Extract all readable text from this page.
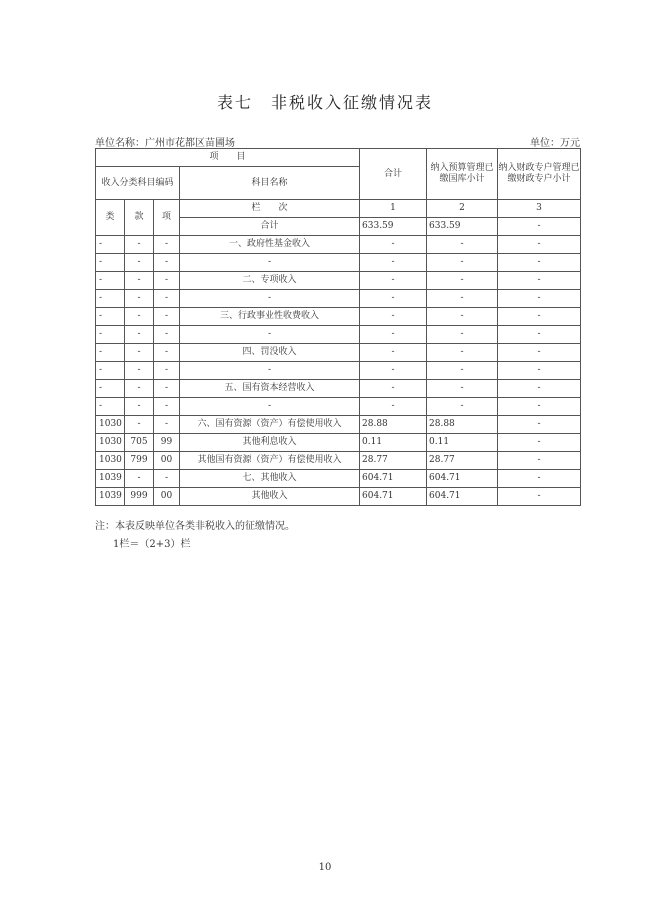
表七　非税收入征缴情况表
单位名称：广州市花都区苗圃场	单位：万元
项　　目				合计	纳入预算管理已缴国库小计	纳入财政专户管理已缴财政专户小计
收入分类科目编码			科目名称			

类	款	项	栏　　次	1	2	3
			合计	633.59	633.59	-
-	-	-	一、政府性基金收入	-	-	-
-	-	-	-	-	-	-
-	-	-	二、专项收入	-	-	-
-	-	-	-	-	-	-
-	-	-	三、行政事业性收费收入	-	-	-
-	-	-	-	-	-	-
-	-	-	四、罚没收入	-	-	-
-	-	-	-	-	-	-
-	-	-	五、国有资本经营收入	-	-	-
-	-	-	-	-	-	-
1030	-	-	六、国有资源（资产）有偿使用收入	28.88	28.88	-
1030	705	99	其他利息收入	0.11	0.11	-
1030	799	00	其他国有资源（资产）有偿使用收入	28.77	28.77	-
1039	-	-	七、其他收入	604.71	604.71	-
1039	999	00	其他收入	604.71	604.71	-
注：本表反映单位各类非税收入的征缴情况。
1栏＝（2+3）栏
10
